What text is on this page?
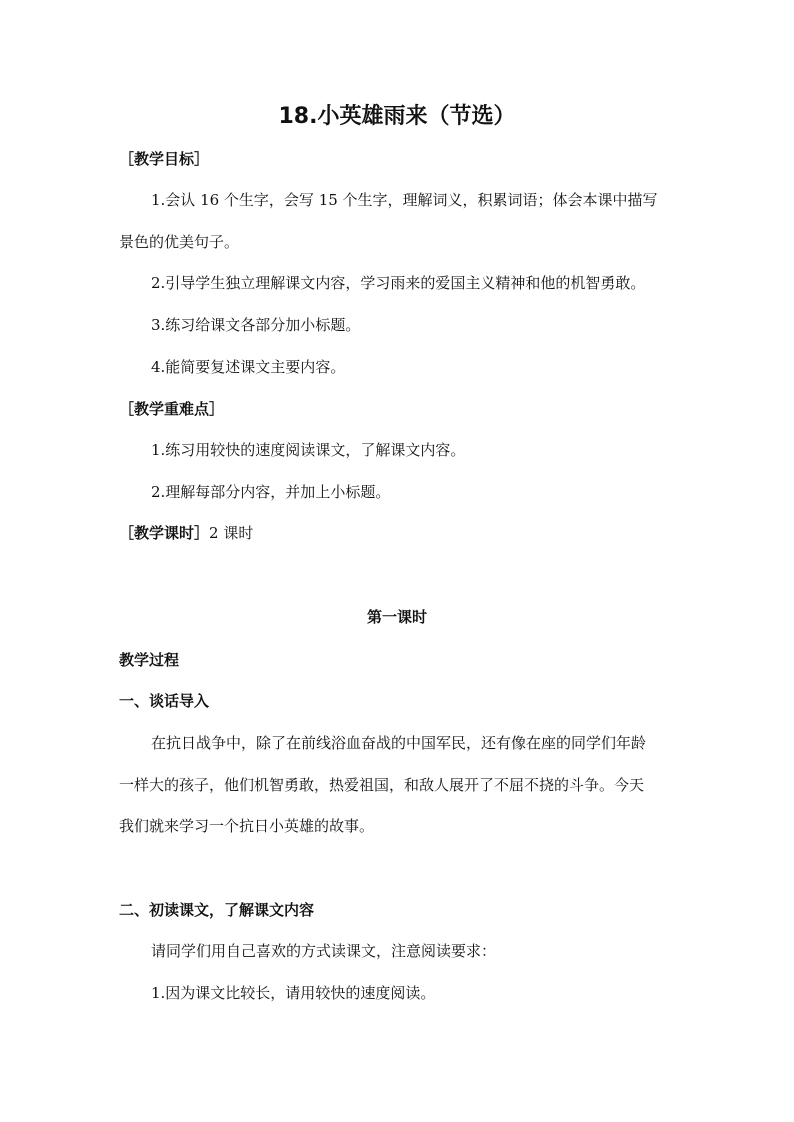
18.小英雄雨来（节选）
［教学目标］
1.会认 16 个生字，会写 15 个生字，理解词义，积累词语；体会本课中描写
景色的优美句子。
2.引导学生独立理解课文内容，学习雨来的爱国主义精神和他的机智勇敢。
3.练习给课文各部分加小标题。
4.能简要复述课文主要内容。
［教学重难点］
1.练习用较快的速度阅读课文，了解课文内容。
2.理解每部分内容，并加上小标题。
［教学课时］2 课时
第一课时
教学过程
一、谈话导入
在抗日战争中，除了在前线浴血奋战的中国军民，还有像在座的同学们年龄
一样大的孩子，他们机智勇敢，热爱祖国，和敌人展开了不屈不挠的斗争。今天
我们就来学习一个抗日小英雄的故事。
二、初读课文，了解课文内容
请同学们用自己喜欢的方式读课文，注意阅读要求：
1.因为课文比较长，请用较快的速度阅读。
